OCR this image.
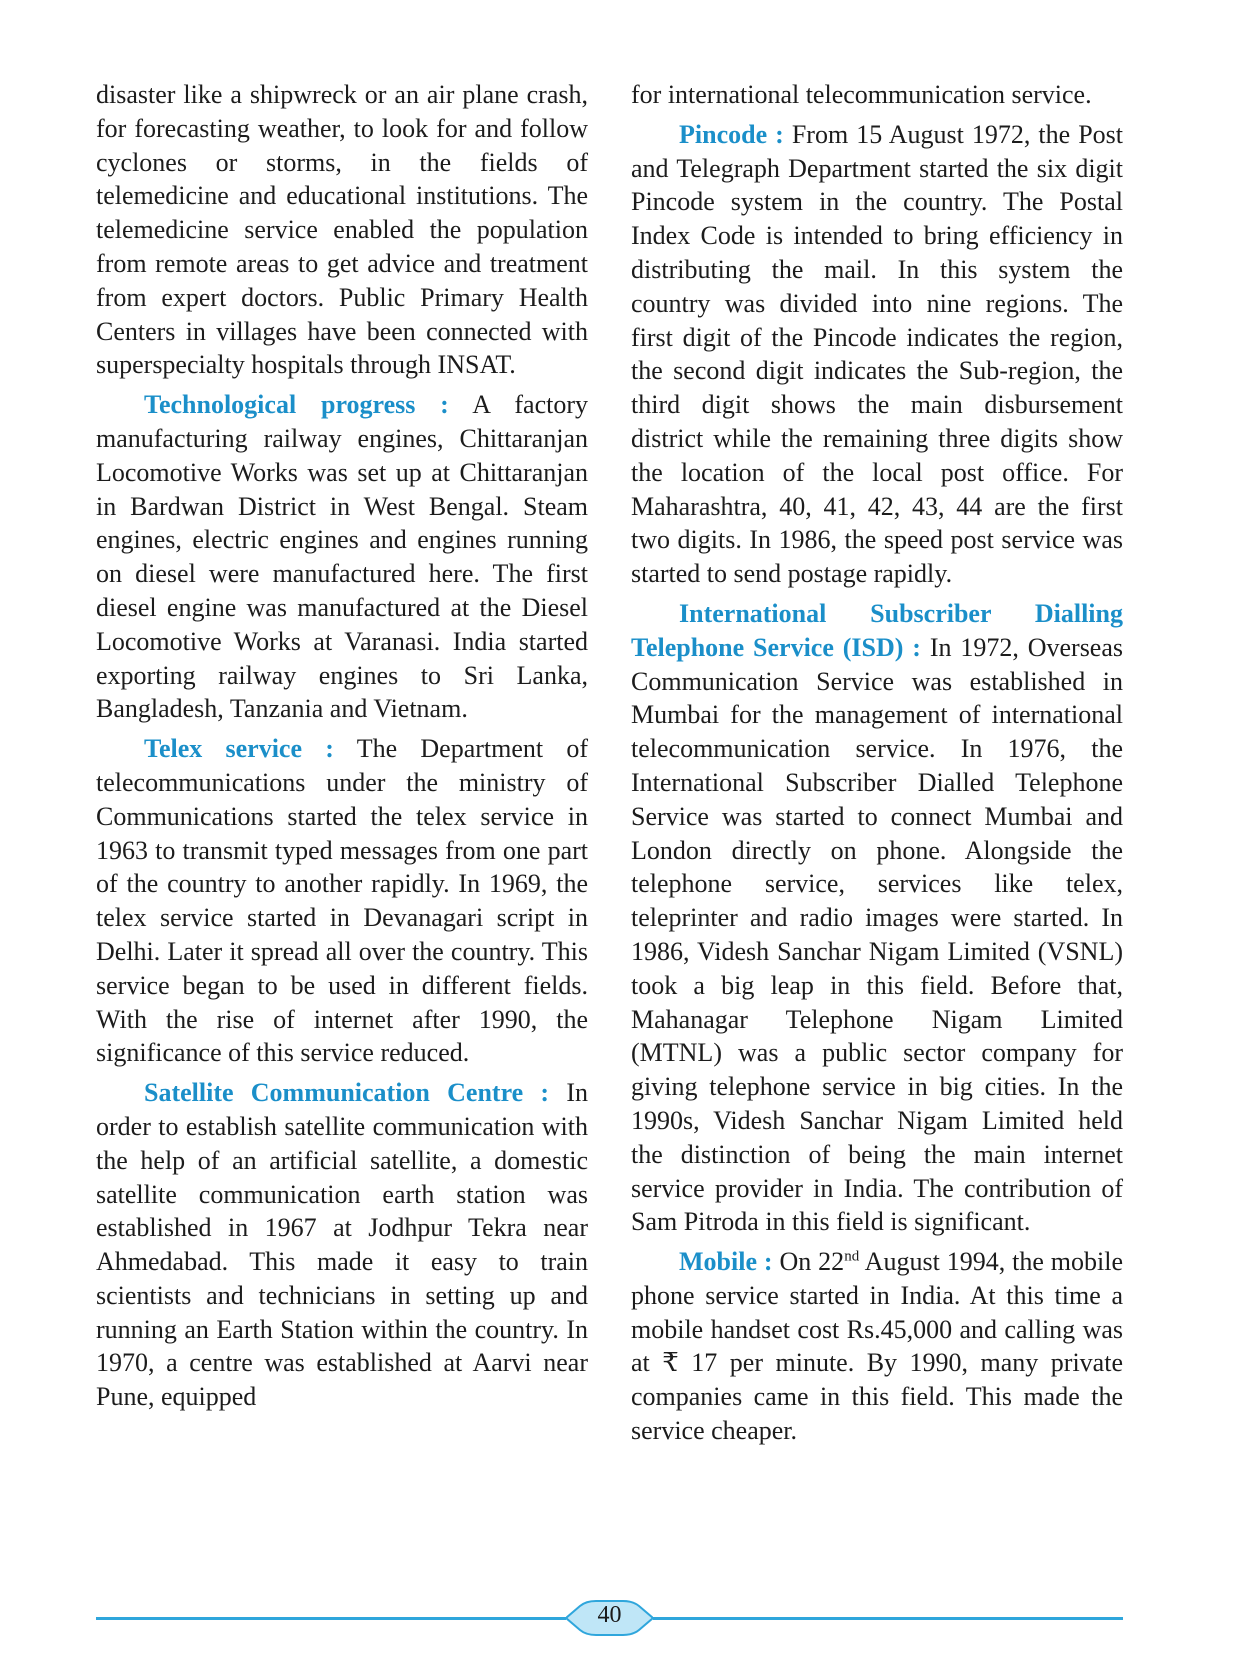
disaster like a shipwreck or an air plane crash, for forecasting weather, to look for and follow cyclones or storms, in the fields of telemedicine and educational institutions. The telemedicine service enabled the population from remote areas to get advice and treatment from expert doctors. Public Primary Health Centers in villages have been connected with superspecialty hospitals through INSAT.

Technological progress : A factory manufacturing railway engines, Chittaranjan Locomotive Works was set up at Chittaranjan in Bardwan District in West Bengal. Steam engines, electric engines and engines running on diesel were manufactured here. The first diesel engine was manufactured at the Diesel Locomotive Works at Varanasi. India started exporting railway engines to Sri Lanka, Bangladesh, Tanzania and Vietnam.

Telex service : The Department of telecommunications under the ministry of Communications started the telex service in 1963 to transmit typed messages from one part of the country to another rapidly. In 1969, the telex service started in Devanagari script in Delhi. Later it spread all over the country. This service began to be used in different fields. With the rise of internet after 1990, the significance of this service reduced.

Satellite Communication Centre : In order to establish satellite communication with the help of an artificial satellite, a domestic satellite communication earth station was established in 1967 at Jodhpur Tekra near Ahmedabad. This made it easy to train scientists and technicians in setting up and running an Earth Station within the country. In 1970, a centre was established at Aarvi near Pune, equipped

for international telecommunication service.

Pincode : From 15 August 1972, the Post and Telegraph Department started the six digit Pincode system in the country. The Postal Index Code is intended to bring efficiency in distributing the mail. In this system the country was divided into nine regions. The first digit of the Pincode indicates the region, the second digit indicates the Sub-region, the third digit shows the main disbursement district while the remaining three digits show the location of the local post office. For Maharashtra, 40, 41, 42, 43, 44 are the first two digits. In 1986, the speed post service was started to send postage rapidly.

International Subscriber Dialling Telephone Service (ISD) : In 1972, Overseas Communication Service was established in Mumbai for the management of international telecommunication service. In 1976, the International Subscriber Dialled Telephone Service was started to connect Mumbai and London directly on phone. Alongside the telephone service, services like telex, teleprinter and radio images were started. In 1986, Videsh Sanchar Nigam Limited (VSNL) took a big leap in this field. Before that, Mahanagar Telephone Nigam Limited (MTNL) was a public sector company for giving telephone service in big cities. In the 1990s, Videsh Sanchar Nigam Limited held the distinction of being the main internet service provider in India. The contribution of Sam Pitroda in this field is significant.

Mobile : On 22nd August 1994, the mobile phone service started in India. At this time a mobile handset cost Rs.45,000 and calling was at ₹ 17 per minute. By 1990, many private companies came in this field. This made the service cheaper.

40
